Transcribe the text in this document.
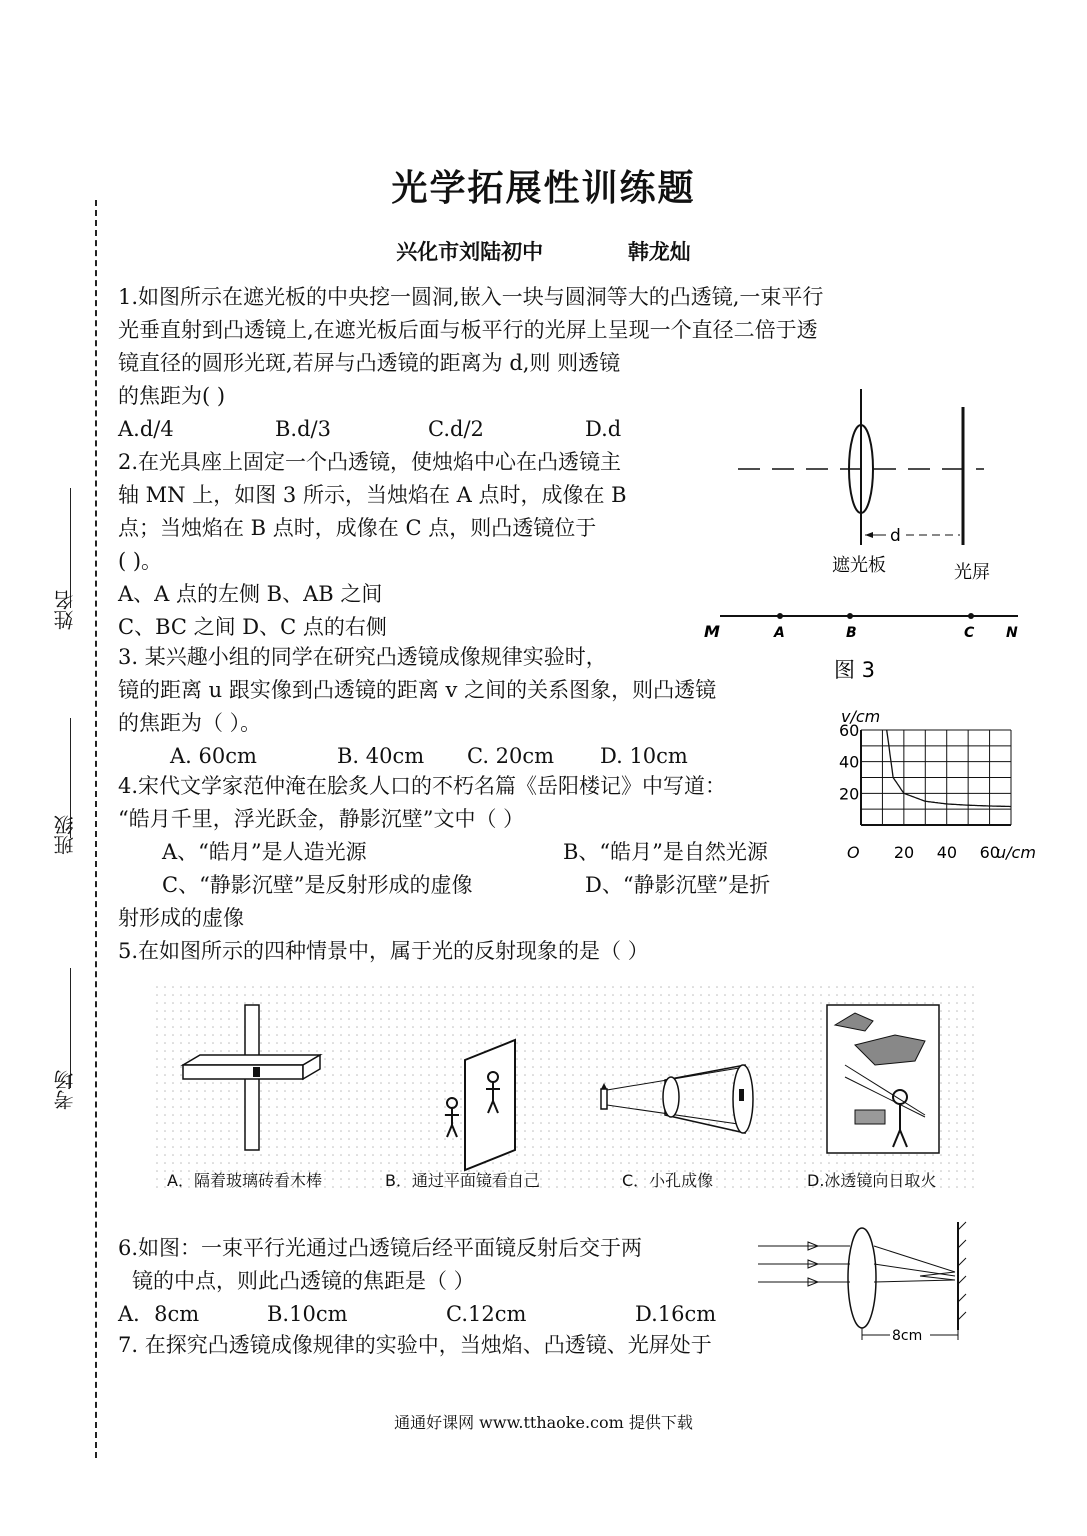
姓名
班级
考场
光学拓展性训练题
兴化市刘陆初中	韩龙灿
1.如图所示在遮光板的中央挖一圆洞,嵌入一块与圆洞等大的凸透镜,一束平行
光垂直射到凸透镜上,在遮光板后面与板平行的光屏上呈现一个直径二倍于透
镜直径的圆形光斑,若屏与凸透镜的距离为 d,则 则透镜
的焦距为( )
A.d/4	B.d/3	C.d/2	D.d
d
遮光板	光屏
2.在光具座上固定一个凸透镜，使烛焰中心在凸透镜主
轴 MN 上，如图 3 所示，当烛焰在 A 点时，成像在 B
点；当烛焰在 B 点时，成像在 C 点，则凸透镜位于
( )。
A、A 点的左侧 B、AB 之间
C、BC 之间 D、C 点的右侧	M	A	B	C N
图 3
3. 某兴趣小组的同学在研究凸透镜成像规律实验时，
镜的距离 u 跟实像到凸透镜的距离 v 之间的关系图象，则凸透镜
的焦距为（ ）。
A. 60cm	B. 40cm C. 20cm D. 10cm
v/cm
u/cm
O 20 40 60
20
40
60
4.宋代文学家范仲淹在脍炙人口的不朽名篇《岳阳楼记》中写道：
“皓月千里，浮光跃金，静影沉壁”文中（ ）
A、“皓月”是人造光源	B、“皓月”是自然光源
C、“静影沉壁”是反射形成的虚像	D、“静影沉壁”是折
射形成的虚像
5.在如图所示的四种情景中，属于光的反射现象的是（ ）
A．隔着玻璃砖看木棒	B．通过平面镜看自己	C．小孔成像	D.冰透镜向日取火
6.如图：一束平行光通过凸透镜后经平面镜反射后交于两
镜的中点，则此凸透镜的焦距是（ ）
A．8cm	B.10cm	C.12cm	D.16cm
8cm
7. 在探究凸透镜成像规律的实验中，当烛焰、凸透镜、光屏处于
通通好课网 www.tthaoke.com 提供下载
